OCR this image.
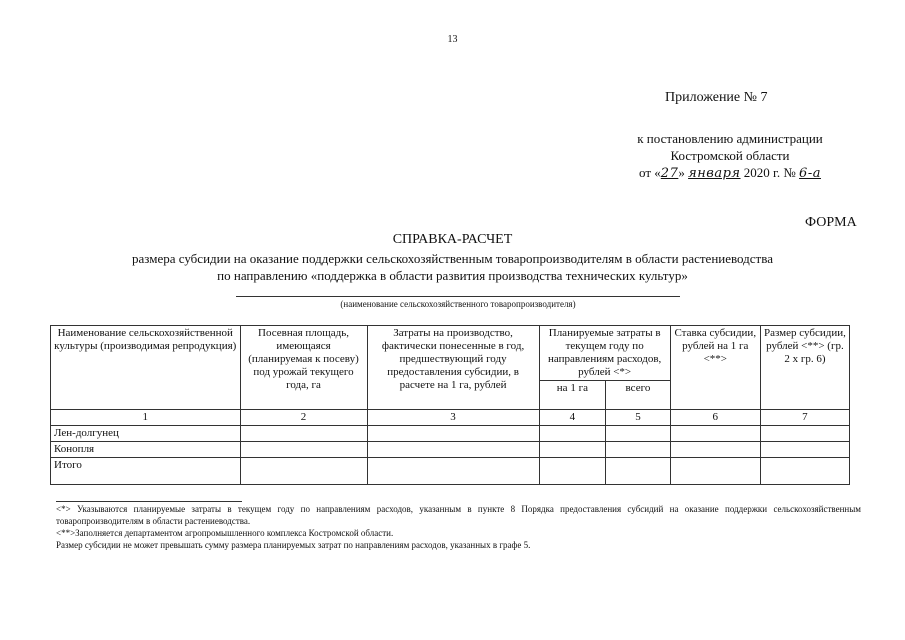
13
Приложение № 7
к постановлению администрации
Костромской области
от «27» января 2020 г. № 6-а
ФОРМА
СПРАВКА-РАСЧЕТ
размера субсидии на оказание поддержки сельскохозяйственным товаропроизводителям в области растениеводства
по направлению «поддержка в области развития производства технических культур»
(наименование сельскохозяйственного товаропроизводителя)
Наименование сельскохозяйственной культуры (производимая репродукция)	Посевная площадь, имеющаяся (планируемая к посеву) под урожай текущего года, га	Затраты на производство, фактически понесенные в год, предшествующий году предоставления субсидии, в расчете на 1 га, рублей	Планируемые затраты в текущем году по направлениям расходов, рублей <*>		Ставка субсидии, рублей на 1 га <**>	Размер субсидии, рублей <**> (гр. 2 х гр. 6)
			на 1 га	всего		
1	2	3	4	5	6	7
Лен-долгунец						
Конопля						
Итого						

<*> Указываются планируемые затраты в текущем году по направлениям расходов, указанным в пункте 8 Порядка предоставления субсидий на оказание поддержки сельскохозяйственным товаропроизводителям в области растениеводства.

<**>Заполняется департаментом агропромышленного комплекса Костромской области.

Размер субсидии не может превышать сумму размера планируемых затрат по направлениям расходов, указанных в графе 5.
